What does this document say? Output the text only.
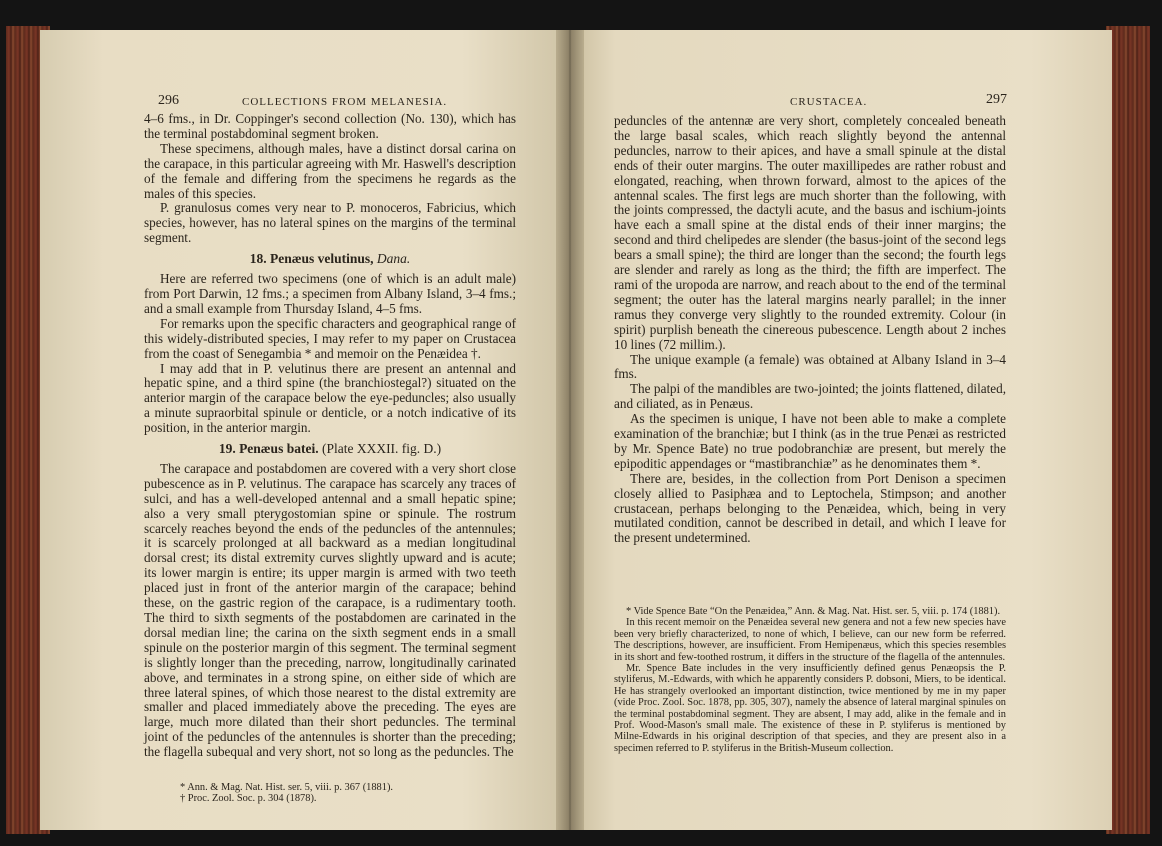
296	COLLECTIONS FROM MELANESIA.

4–6 fms., in Dr. Coppinger's second collection (No. 130), which has the terminal postabdominal segment broken.

These specimens, although males, have a distinct dorsal carina on the carapace, in this particular agreeing with Mr. Haswell's description of the female and differing from the specimens he regards as the males of this species.

P. granulosus comes very near to P. monoceros, Fabricius, which species, however, has no lateral spines on the margins of the terminal segment.

18. Penæus velutinus, Dana.

Here are referred two specimens (one of which is an adult male) from Port Darwin, 12 fms.; a specimen from Albany Island, 3–4 fms.; and a small example from Thursday Island, 4–5 fms.

For remarks upon the specific characters and geographical range of this widely-distributed species, I may refer to my paper on Crustacea from the coast of Senegambia * and memoir on the Penæidea †.

I may add that in P. velutinus there are present an antennal and hepatic spine, and a third spine (the branchiostegal?) situated on the anterior margin of the carapace below the eye-peduncles; also usually a minute supraorbital spinule or denticle, or a notch indicative of its position, in the anterior margin.

19. Penæus batei. (Plate XXXII. fig. D.)

The carapace and postabdomen are covered with a very short close pubescence as in P. velutinus. The carapace has scarcely any traces of sulci, and has a well-developed antennal and a small hepatic spine; also a very small pterygostomian spine or spinule. The rostrum scarcely reaches beyond the ends of the peduncles of the antennules; it is scarcely prolonged at all backward as a median longitudinal dorsal crest; its distal extremity curves slightly upward and is acute; its lower margin is entire; its upper margin is armed with two teeth placed just in front of the anterior margin of the carapace; behind these, on the gastric region of the carapace, is a rudimentary tooth. The third to sixth segments of the postabdomen are carinated in the dorsal median line; the carina on the sixth segment ends in a small spinule on the posterior margin of this segment. The terminal segment is slightly longer than the preceding, narrow, longitudinally carinated above, and terminates in a strong spine, on either side of which are three lateral spines, of which those nearest to the distal extremity are smaller and placed immediately above the preceding. The eyes are large, much more dilated than their short peduncles. The terminal joint of the peduncles of the antennules is shorter than the preceding; the flagella subequal and very short, not so long as the peduncles. The

* Ann. & Mag. Nat. Hist. ser. 5, viii. p. 367 (1881).

† Proc. Zool. Soc. p. 304 (1878).

CRUSTACEA.	297

peduncles of the antennæ are very short, completely concealed beneath the large basal scales, which reach slightly beyond the antennal peduncles, narrow to their apices, and have a small spinule at the distal ends of their outer margins. The outer maxillipedes are rather robust and elongated, reaching, when thrown forward, almost to the apices of the antennal scales. The first legs are much shorter than the following, with the joints compressed, the dactyli acute, and the basus and ischium-joints have each a small spine at the distal ends of their inner margins; the second and third chelipedes are slender (the basus-joint of the second legs bears a small spine); the third are longer than the second; the fourth legs are slender and rarely as long as the third; the fifth are imperfect. The rami of the uropoda are narrow, and reach about to the end of the terminal segment; the outer has the lateral margins nearly parallel; in the inner ramus they converge very slightly to the rounded extremity. Colour (in spirit) purplish beneath the cinereous pubescence. Length about 2 inches 10 lines (72 millim.).

The unique example (a female) was obtained at Albany Island in 3–4 fms.

The palpi of the mandibles are two-jointed; the joints flattened, dilated, and ciliated, as in Penæus.

As the specimen is unique, I have not been able to make a complete examination of the branchiæ; but I think (as in the true Penæi as restricted by Mr. Spence Bate) no true podobranchiæ are present, but merely the epipoditic appendages or “mastibranchiæ” as he denominates them *.

There are, besides, in the collection from Port Denison a specimen closely allied to Pasiphæa and to Leptochela, Stimpson; and another crustacean, perhaps belonging to the Penæidea, which, being in very mutilated condition, cannot be described in detail, and which I leave for the present undetermined.

* Vide Spence Bate “On the Penæidea,” Ann. & Mag. Nat. Hist. ser. 5, viii. p. 174 (1881).

In this recent memoir on the Penæidea several new genera and not a few new species have been very briefly characterized, to none of which, I believe, can our new form be referred. The descriptions, however, are insufficient. From Hemipenæus, which this species resembles in its short and few-toothed rostrum, it differs in the structure of the flagella of the antennules.

Mr. Spence Bate includes in the very insufficiently defined genus Penæopsis the P. styliferus, M.-Edwards, with which he apparently considers P. dobsoni, Miers, to be identical. He has strangely overlooked an important distinction, twice mentioned by me in my paper (vide Proc. Zool. Soc. 1878, pp. 305, 307), namely the absence of lateral marginal spinules on the terminal postabdominal segment. They are absent, I may add, alike in the female and in Prof. Wood-Mason's small male. The existence of these in P. styliferus is mentioned by Milne-Edwards in his original description of that species, and they are present also in a specimen referred to P. styliferus in the British-Museum collection.
